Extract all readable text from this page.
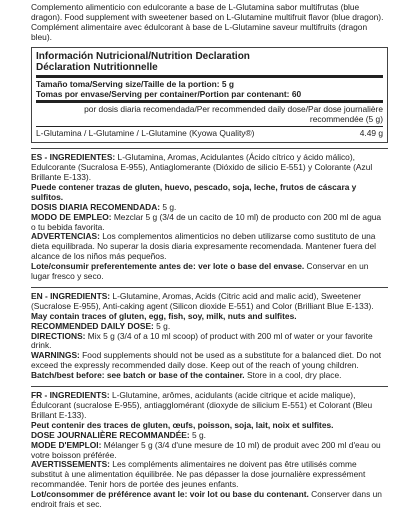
Complemento alimenticio con edulcorante a base de L-Glutamina sabor multifrutas (blue dragon). Food supplement with sweetener based on L-Glutamine multifruit flavor (blue dragon). Complément alimentaire avec édulcorant à base de L-Glutamine saveur multifruits (dragon bleu).

Información Nutricional/Nutrition Declaration
Déclaration Nutritionnelle
Tamaño toma/Serving size/Taille de la portion: 5 g
Tomas por envase/Serving per container/Portion par contenant: 60
por dosis diaria recomendada/Per recommended daily dose/Par dose journalière recommendée (5 g)
L-Glutamina / L-Glutamine / L-Glutamine (Kyowa Quality®)	4.49 g

ES - INGREDIENTES: L-Glutamina, Aromas, Acidulantes (Ácido cítrico y ácido málico), Edulcorante (Sucralosa E-955), Antiaglomerante (Dióxido de silicio E-551) y Colorante (Azul Brillante E-133).

Puede contener trazas de gluten, huevo, pescado, soja, leche, frutos de cáscara y sulfitos.

DOSIS DIARIA RECOMENDADA: 5 g.

MODO DE EMPLEO: Mezclar 5 g (3/4 de un cacito de 10 ml) de producto con 200 ml de agua o tu bebida favorita.

ADVERTENCIAS: Los complementos alimenticios no deben utilizarse como sustituto de una dieta equilibrada. No superar la dosis diaria expresamente recomendada. Mantener fuera del alcance de los niños más pequeños.

Lote/consumir preferentemente antes de: ver lote o base del envase. Conservar en un lugar fresco y seco.

EN - INGREDIENTS: L-Glutamine, Aromas, Acids (Citric acid and malic acid), Sweetener (Sucralose E-955), Anti-caking agent (Silicon dioxide E-551) and Color (Brilliant Blue E-133).

May contain traces of gluten, egg, fish, soy, milk, nuts and sulfites.

RECOMMENDED DAILY DOSE: 5 g.

DIRECTIONS: Mix 5 g (3/4 of a 10 ml scoop) of product with 200 ml of water or your favorite drink.

WARNINGS: Food supplements should not be used as a substitute for a balanced diet. Do not exceed the expressly recommended daily dose. Keep out of the reach of young children.

Batch/best before: see batch or base of the container. Store in a cool, dry place.

FR - INGREDIENTS: L-Glutamine, arômes, acidulants (acide citrique et acide malique), Édulcorant (sucralose E-955), antiagglomérant (dioxyde de silicium E-551) et Colorant (Bleu Brillant E-133).

Peut contenir des traces de gluten, œufs, poisson, soja, lait, noix et sulfites.

DOSE JOURNALIÈRE RECOMMANDÉE: 5 g.

MODE D'EMPLOI: Mélanger 5 g (3/4 d'une mesure de 10 ml) de produit avec 200 ml d'eau ou votre boisson préférée.

AVERTISSEMENTS: Les compléments alimentaires ne doivent pas être utilisés comme substitut à une alimentation équilibrée. Ne pas dépasser la dose journalière expressément recommandée. Tenir hors de portée des jeunes enfants.

Lot/consommer de préférence avant le: voir lot ou base du contenant. Conserver dans un endroit frais et sec.
